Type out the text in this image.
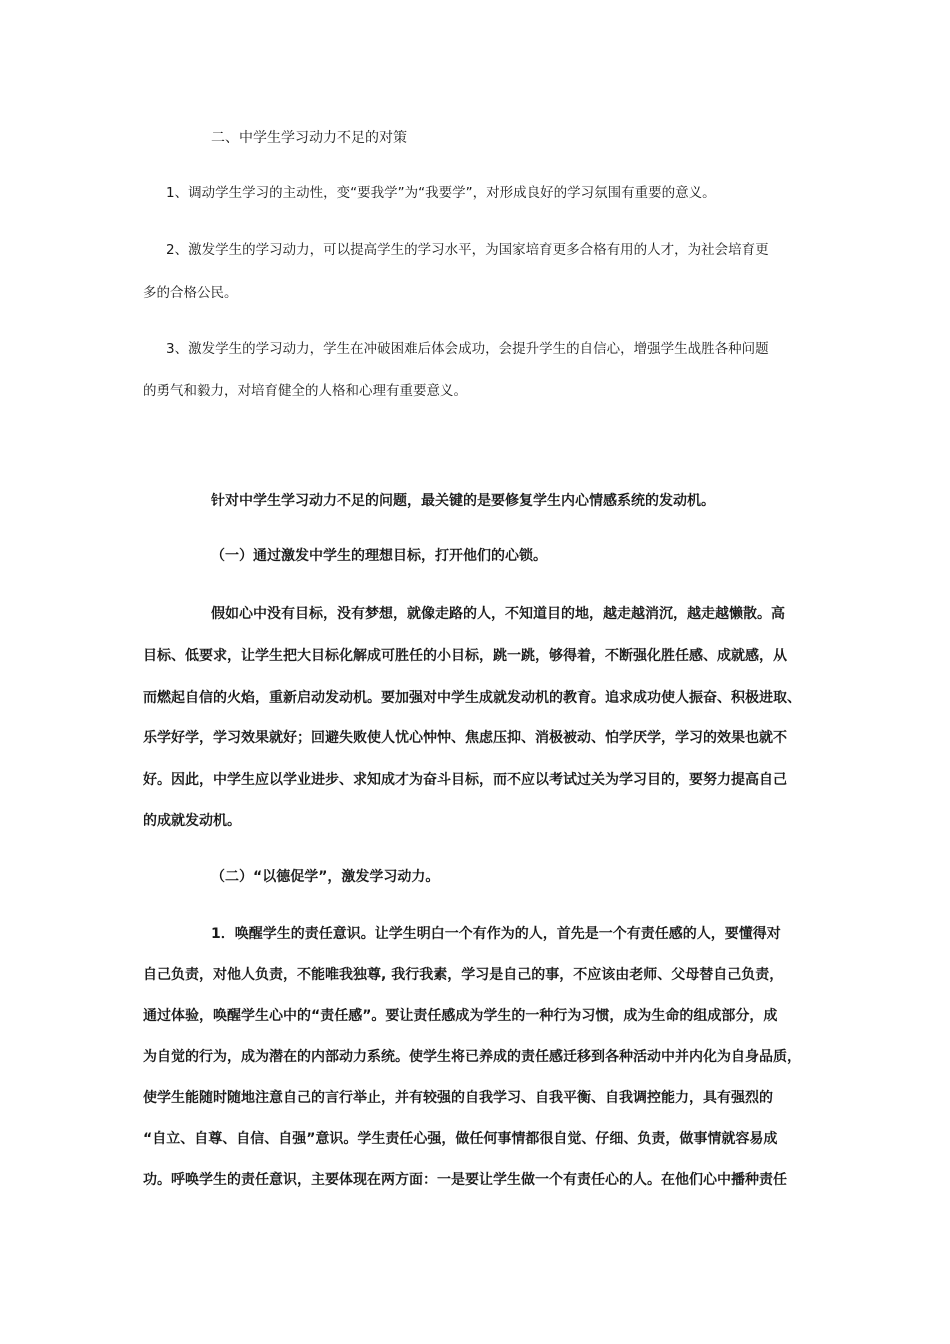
二、中学生学习动力不足的对策
1、调动学生学习的主动性，变“要我学”为“我要学”，对形成良好的学习氛围有重要的意义。
2、激发学生的学习动力，可以提高学生的学习水平，为国家培育更多合格有用的人才，为社会培育更
多的合格公民。
3、激发学生的学习动力，学生在冲破困难后体会成功，会提升学生的自信心，增强学生战胜各种问题
的勇气和毅力，对培育健全的人格和心理有重要意义。
针对中学生学习动力不足的问题，最关键的是要修复学生内心情感系统的发动机。
（一）通过激发中学生的理想目标，打开他们的心锁。
假如心中没有目标，没有梦想，就像走路的人，不知道目的地，越走越消沉，越走越懒散。高
目标、低要求，让学生把大目标化解成可胜任的小目标，跳一跳，够得着，不断强化胜任感、成就感，从
而燃起自信的火焰，重新启动发动机。要加强对中学生成就发动机的教育。追求成功使人振奋、积极进取、
乐学好学，学习效果就好；回避失败使人忧心忡忡、焦虑压抑、消极被动、怕学厌学，学习的效果也就不
好。因此，中学生应以学业进步、求知成才为奋斗目标，而不应以考试过关为学习目的，要努力提高自己
的成就发动机。
（二）“以德促学”，激发学习动力。
1．唤醒学生的责任意识。让学生明白一个有作为的人，首先是一个有责任感的人，要懂得对
自己负责，对他人负责，不能唯我独尊, 我行我素，学习是自己的事，不应该由老师、父母替自己负责，
通过体验，唤醒学生心中的“责任感”。要让责任感成为学生的一种行为习惯，成为生命的组成部分，成
为自觉的行为，成为潜在的内部动力系统。使学生将已养成的责任感迁移到各种活动中并内化为自身品质，
使学生能随时随地注意自己的言行举止，并有较强的自我学习、自我平衡、自我调控能力，具有强烈的
“自立、自尊、自信、自强”意识。学生责任心强，做任何事情都很自觉、仔细、负责，做事情就容易成
功。呼唤学生的责任意识，主要体现在两方面：一是要让学生做一个有责任心的人。在他们心中播种责任
